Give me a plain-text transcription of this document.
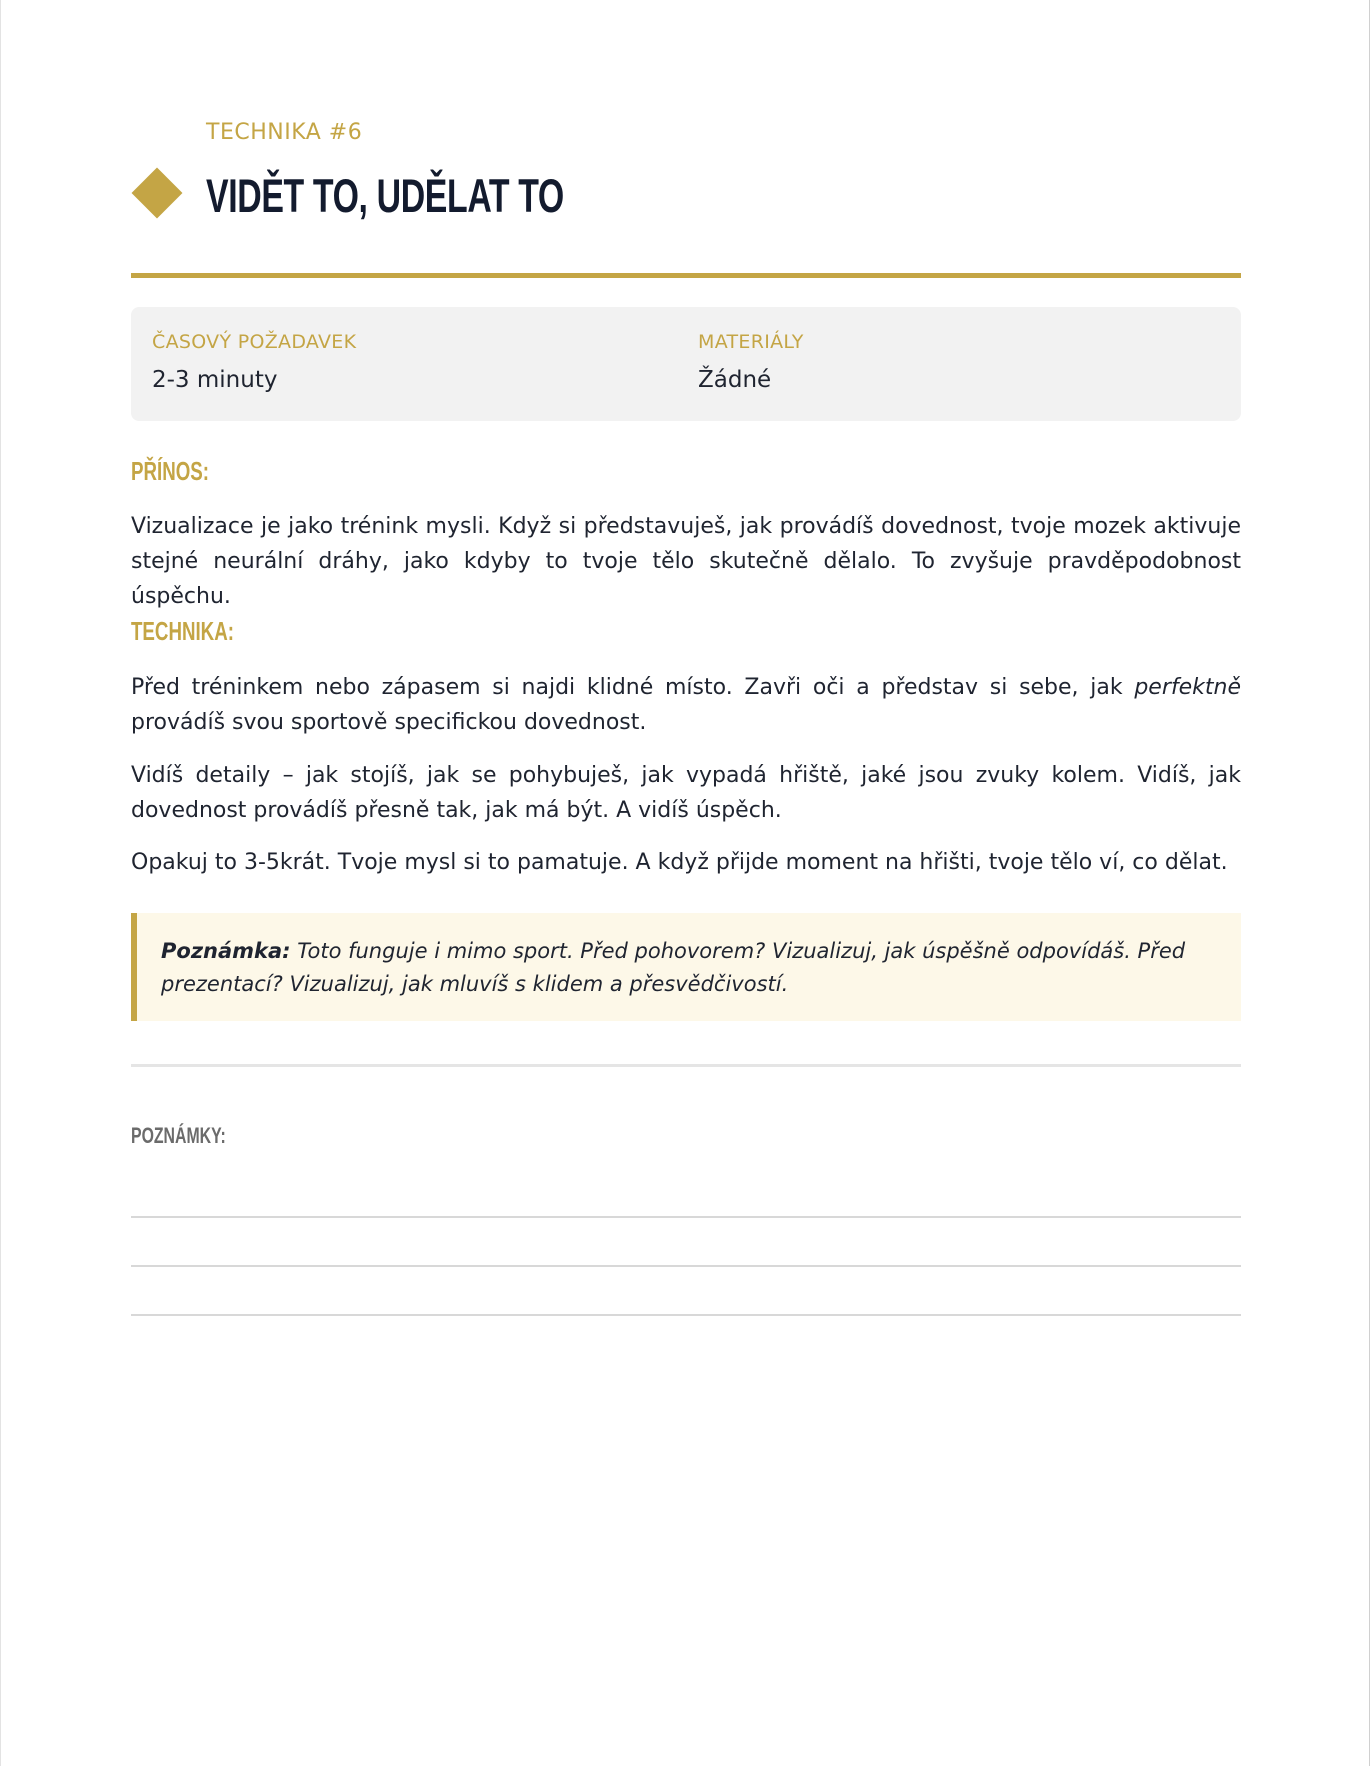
TECHNIKA #6
VIDĚT TO, UDĚLAT TO
ČASOVÝ POŽADAVEK
2-3 minuty
MATERIÁLY
Žádné
PŘÍNOS:
Vizualizace je jako trénink mysli. Když si představuješ, jak provádíš dovednost, tvoje mozek aktivuje stejné neurální dráhy, jako kdyby to tvoje tělo skutečně dělalo. To zvyšuje pravděpodobnost úspěchu.
TECHNIKA:
Před tréninkem nebo zápasem si najdi klidné místo. Zavři oči a představ si sebe, jak perfektně provádíš svou sportově specifickou dovednost.
Vidíš detaily – jak stojíš, jak se pohybuješ, jak vypadá hřiště, jaké jsou zvuky kolem. Vidíš, jak dovednost provádíš přesně tak, jak má být. A vidíš úspěch.
Opakuj to 3-5krát. Tvoje mysl si to pamatuje. A když přijde moment na hřišti, tvoje tělo ví, co dělat.
Poznámka: Toto funguje i mimo sport. Před pohovorem? Vizualizuj, jak úspěšně odpovídáš. Před prezentací? Vizualizuj, jak mluvíš s klidem a přesvědčivostí.
POZNÁMKY:
